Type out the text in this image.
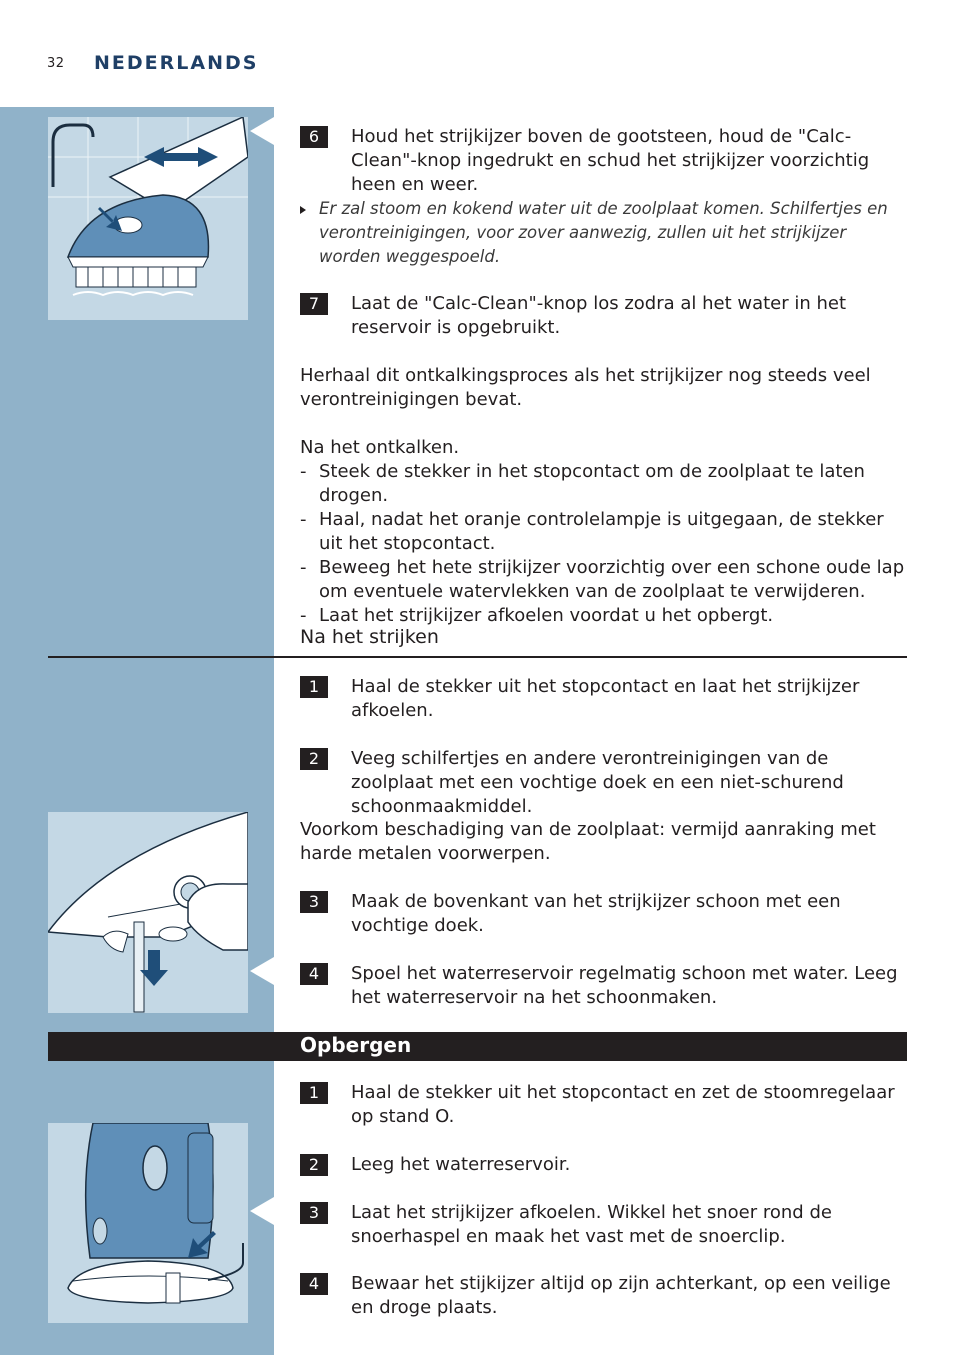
32 NEDERLANDS
6	Houd het strijkijzer boven de gootsteen, houd de "Calc-Clean"-knop ingedrukt en schud het strijkijzer voorzichtig heen en weer.
Er zal stoom en kokend water uit de zoolplaat komen. Schilfertjes en verontreinigingen, voor zover aanwezig, zullen uit het strijkijzer worden weggespoeld.
7	Laat de "Calc-Clean"-knop los zodra al het water in het reservoir is opgebruikt.
Herhaal dit ontkalkingsproces als het strijkijzer nog steeds veel verontreinigingen bevat.
Na het ontkalken.
- Steek de stekker in het stopcontact om de zoolplaat te laten drogen.
- Haal, nadat het oranje controlelampje is uitgegaan, de stekker uit het stopcontact.
- Beweeg het hete strijkijzer voorzichtig over een schone oude lap om eventuele watervlekken van de zoolplaat te verwijderen.
- Laat het strijkijzer afkoelen voordat u het opbergt.
Na het strijken
1	Haal de stekker uit het stopcontact en laat het strijkijzer afkoelen.
2	Veeg schilfertjes en andere verontreinigingen van de zoolplaat met een vochtige doek en een niet-schurend schoonmaakmiddel.
Voorkom beschadiging van de zoolplaat: vermijd aanraking met harde metalen voorwerpen.
3	Maak de bovenkant van het strijkijzer schoon met een vochtige doek.
4	Spoel het waterreservoir regelmatig schoon met water. Leeg het waterreservoir na het schoonmaken.
Opbergen
1	Haal de stekker uit het stopcontact en zet de stoomregelaar op stand O.
2	Leeg het waterreservoir.
3	Laat het strijkijzer afkoelen. Wikkel het snoer rond de snoerhaspel en maak het vast met de snoerclip.
4	Bewaar het stijkijzer altijd op zijn achterkant, op een veilige en droge plaats.
